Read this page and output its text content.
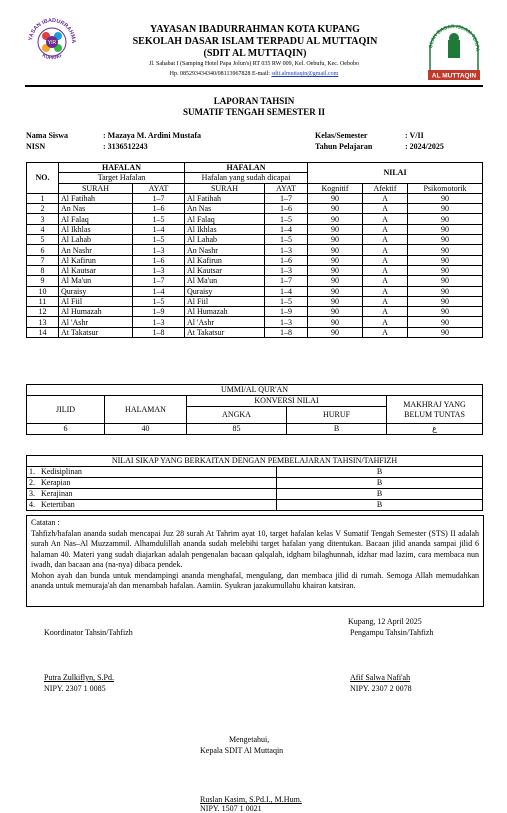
YASAN IBADURRAHMA
KUPANG
YIR
OLAH DASAR ISLAM TERPA
AL MUTTAQIN
YAYASAN IBADURRAHMAN KOTA KUPANG
SEKOLAH DASAR ISLAM TERPADU AL MUTTAQIN
(SDIT AL MUTTAQIN)
Jl. Sahabat I (Samping Hotel Papa Jolun's) RT 035 RW 009, Kel. Oebufu, Kec. Oebobo
Hp. 085293434340/08113967828 E-mail: sdit.almuttaqin@gmail.com
LAPORAN TAHSIN
SUMATIF TENGAH SEMESTER II
Nama Siswa	: Mazaya M. Ardini Mustafa
NISN	: 3136512243
Kelas/Semester	: V/II
Tahun Pelajaran	: 2024/2025
NO.	HAFALAN		HAFALAN		NILAI		
	Target Hafalan		Hafalan yang sudah dicapai				
	SURAH	AYAT	SURAH	AYAT	Kognitif	Afektif	Psikomotorik
1	Al Fatihah	1–7	Al Fatihah	1–7	90	A	90
2	An Nas	1–6	An Nas	1–6	90	A	90
3	Al Falaq	1–5	Al Falaq	1–5	90	A	90
4	Al Ikhlas	1–4	Al Ikhlas	1–4	90	A	90
5	Al Lahab	1–5	Al Lahab	1–5	90	A	90
6	An Nashr	1–3	An Nashr	1–3	90	A	90
7	Al Kafirun	1–6	Al Kafirun	1–6	90	A	90
8	Al Kautsar	1–3	Al Kautsar	1–3	90	A	90
9	Al Ma'un	1–7	Al Ma'un	1–7	90	A	90
10	Quraisy	1–4	Quraisy	1–4	90	A	90
11	Al Fiil	1–5	Al Fiil	1–5	90	A	90
12	Al Humazah	1–9	Al Humazah	1–9	90	A	90
13	Al 'Ashr	1–3	Al 'Ashr	1–3	90	A	90
14	At Takatsur	1–8	At Takatsur	1–8	90	A	90
UMMI/AL QUR'AN				
JILID	HALAMAN	KONVERSI NILAI		MAKHRAJ YANG BELUM TUNTAS
		ANGKA	HURUF	
6	40	85	B	ع
NILAI SIKAP YANG BERKAITAN DENGAN PEMBELAJARAN TAHSIN/TAHFIZH	
1.   Kedisiplinan	B
2.   Kerapian	B
3.   Kerajinan	B
4.   Ketertiban	B
Catatan :
Tahfizh/hafalan ananda sudah mencapai Juz 28 surah At Tahrim ayat 10, target hafalan kelas V Sumatif Tengah Semester (STS) II adalah surah An Nas–Al Muzzammil. Alhamdulillah ananda sudah melebihi target hafalan yang ditentukan. Bacaan jilid ananda sampai jilid 6 halaman 40. Materi yang sudah diajarkan adalah pengenalan bacaan qalqalah, idgham bilaghunnah, idzhar mad lazim, cara membaca nun iwadh, dan bacaan ana (na-nya) dibaca pendek.
Mohon ayah dan bunda untuk mendampingi ananda menghafal, mengulang, dan membaca jilid di rumah. Semoga Allah memudahkan ananda untuk memuraja'ah dan menambah hafalan. Aamiin. Syukran jazakumullahu khairan katsiran.
Kupang, 12 April 2025
Koordinator Tahsin/Tahfizh	Pengampu Tahsin/Tahfizh
Putra Zulkiflyn, S.Pd.
NIPY. 2307 1 0085
Afif Salwa Nafi'ah
NIPY. 2307 2 0078
Mengetahui,
Kepala SDIT Al Muttaqin
Ruslan Kasim, S.Pd.I., M.Hum.
NIPY. 1507 1 0021
